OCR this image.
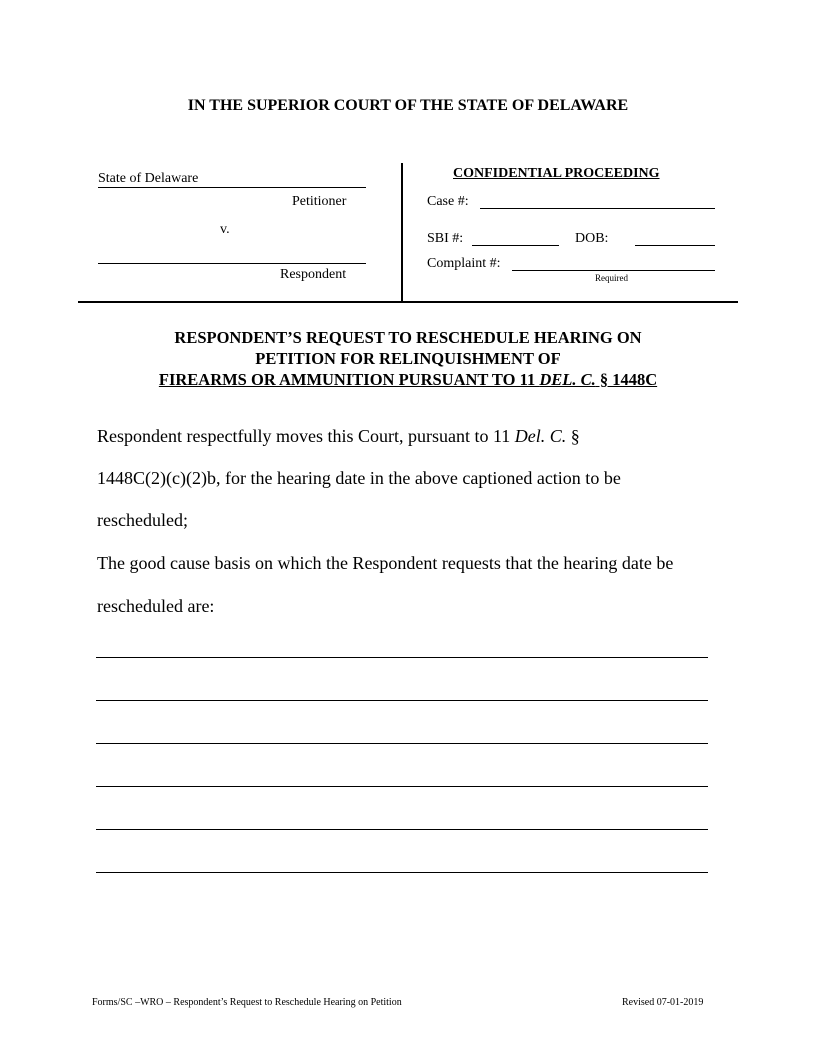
IN THE SUPERIOR COURT OF THE STATE OF DELAWARE
State of Delaware
Petitioner
v.
Respondent
CONFIDENTIAL PROCEEDING
Case #:
SBI #:	DOB:
Complaint #:
Required
RESPONDENT’S REQUEST TO RESCHEDULE HEARING ON
PETITION FOR RELINQUISHMENT OF
FIREARMS OR AMMUNITION PURSUANT TO 11 DEL. C. § 1448C
Respondent respectfully moves this Court, pursuant to 11 Del. C. §
1448C(2)(c)(2)b, for the hearing date in the above captioned action to be
rescheduled;
The good cause basis on which the Respondent requests that the hearing date be
rescheduled are:
Forms/SC –WRO – Respondent’s Request to Reschedule Hearing on Petition	Revised 07-01-2019
